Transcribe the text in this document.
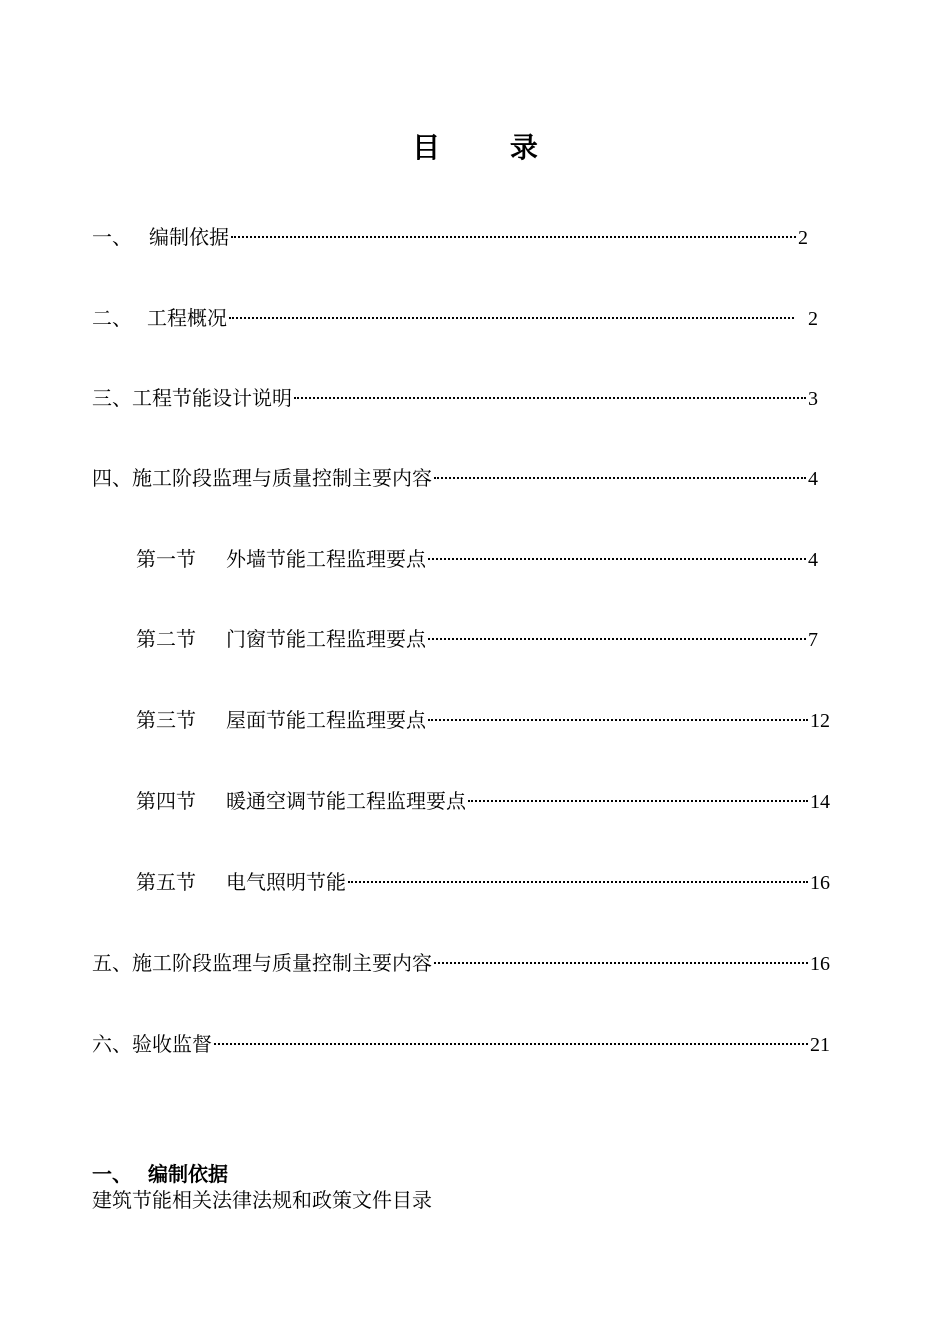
目 录
一、 编制依据	2
二、 工程概况	2
三、 工程节能设计说明	3
四、 施工阶段监理与质量控制主要内容	4
第一节	外墙节能工程监理要点	4
第二节	门窗节能工程监理要点	7
第三节	屋面节能工程监理要点	12
第四节	暖通空调节能工程监理要点	14
第五节	电气照明节能	16
五、 施工阶段监理与质量控制主要内容	16
六、 验收监督	21
一、 编制依据
建筑节能相关法律法规和政策文件目录
